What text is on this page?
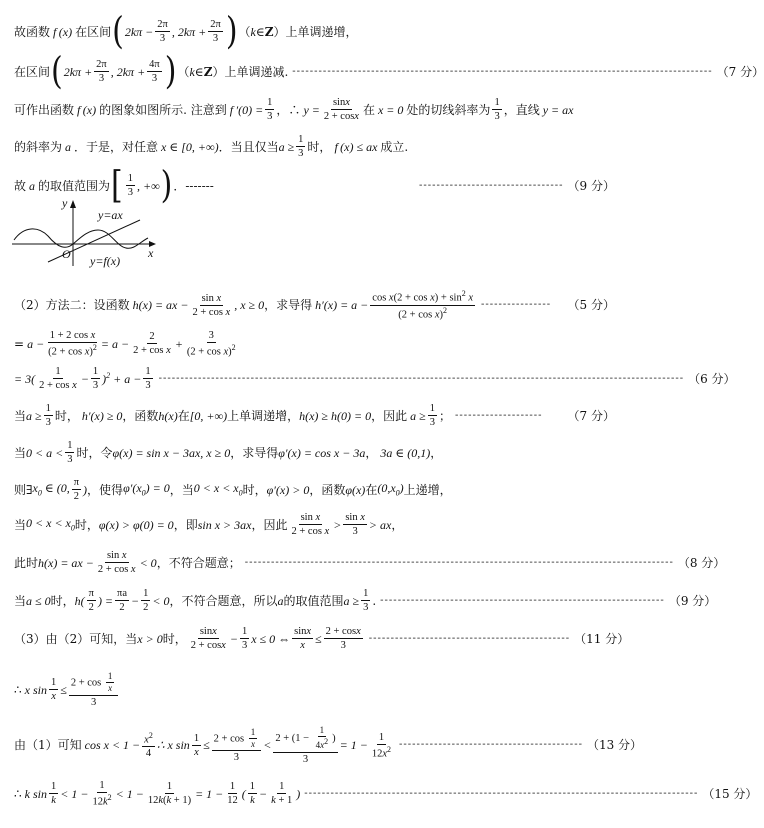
故函数 f (x) 在区间 ( $2k\pi - \frac{2\pi}{3}$ , $2k\pi + \frac{2\pi}{3}$ ) （ k ∈ Z ）上单调递增，
在区间 ( $2k\pi + \frac{2\pi}{3}$ , $2k\pi + \frac{4\pi}{3}$ ) （ k ∈ Z ）上单调递减. ------------------------------------------------------------------------------------------------ （7 分）
可作出函数 f (x) 的图象如图所示. 注意到 f $'(0) = \frac{1}{3}$ ，∴ $y = \frac{\sin x}{2 + \cos x}$ 在 x = 0 处的切线斜率为 $\frac{1}{3}$ ，直线 y = ax
的斜率为 a ．于是，对任意 x ∈ [0, +∞) ．当且仅当 $a \ge \frac{1}{3}$ 时， f (x) ≤ ax 成立.
故 a 的取值范围为 [ $\frac{1}{3}$ , +∞ ) ．-------	--------------------------------- （9 分）
y
x
O
y=ax
y=f(x)
（2）方法二：设函数 h(x) = ax − $\frac{\text{sin x}}{\text{2 + cos x}}$ , x ≥ 0 ，求导得 $h'(x) = a - \frac{\cos x(2 + \cos x) + \sin^2 x}{(2 + \cos x)^2}$ ----------------	（5 分）
= $a - \frac{\text{1 + 2 cos x}}{(2 + \cos x)^2} = a - \frac{2}{\text{2 + cos x}} + \frac{3}{(2 + \cos x)^2}$
= $3( \frac{1}{\text{2 + cos x}} - \frac{1}{3} )^2 + a - \frac{1}{3}$ ------------------------------------------------------------------------------------------------------------------------ （6 分）
当 $a \ge \frac{1}{3}$ 时， h′(x) ≥ 0 ，函数 h(x) 在 [0, +∞) 上单调递增， h(x) ≥ h(0) = 0 ，因此 $a \ge \frac{1}{3}$ ； --------------------	（7 分）
当 $0 < a < \frac{1}{3}$ 时，令 φ(x) = sin x − 3ax, x ≥ 0 ，求导得 φ′(x) = cos x − 3a ， 3a ∈ (0,1) ，
则∃ $x_0$ ∈ (0, $\frac{\pi}{2}$ ) ，使得 $\varphi'(x_0) = 0$ ，当 $0 < x < x_0$ 时， φ′(x) > 0 ，函数 φ(x) 在 $(0,x_0)$ 上递增，
当 $0 < x < x_0$ 时， φ(x) > φ(0) = 0 ，即 sin x > 3ax ，因此 $\frac{\text{sin x}}{\text{2 + cos x}} > \frac{\text{sin x}}{3}$ > ax ，
此时 h(x) = ax − $\frac{\text{sin x}}{\text{2 + cos x}} < 0$ ，不符合题意； -------------------------------------------------------------------------------------------------- （8 分）
当 a ≤ 0 时， $h( \frac{\pi}{2}$ ) = $\frac{\pi a}{2} - \frac{1}{2} < 0$ ，不符合题意，所以 a 的取值范围 $a \ge \frac{1}{3}$ . ----------------------------------------------------------------- （9 分）
（3）由（2）可知，当 x > 0 时， $\frac{\sin x}{2 + \cos x} - \frac{1}{3}$ x ≤ 0 ⇔ $\frac{\sin x}{x} \le \frac{2 + \cos x}{3}$ ---------------------------------------------- （11 分）
∴ x $\sin \frac{1}{x} \le \frac{2 + \cos \frac{1}{x}}{3}$
由（1）可知 $\cos x < 1 - \frac{x^2}{4}$ ∴ x $\sin \frac{1}{x} \le \frac{2 + \cos \frac{1}{x}}{3} < \frac{2 + (1 - \frac{1}{4x^2} )}{3} = 1 - \frac{1}{12x^2}$ ------------------------------------------ （13 分）
∴ k $\sin \frac{1}{k} < 1 - \frac{1}{12k^2} < 1 - \frac{1}{12k(k + 1)} = 1 - \frac{1}{12}$ ( $\frac{1}{k} - \frac{1}{k + 1}$ ) ------------------------------------------------------------------------------------------ （15 分）
